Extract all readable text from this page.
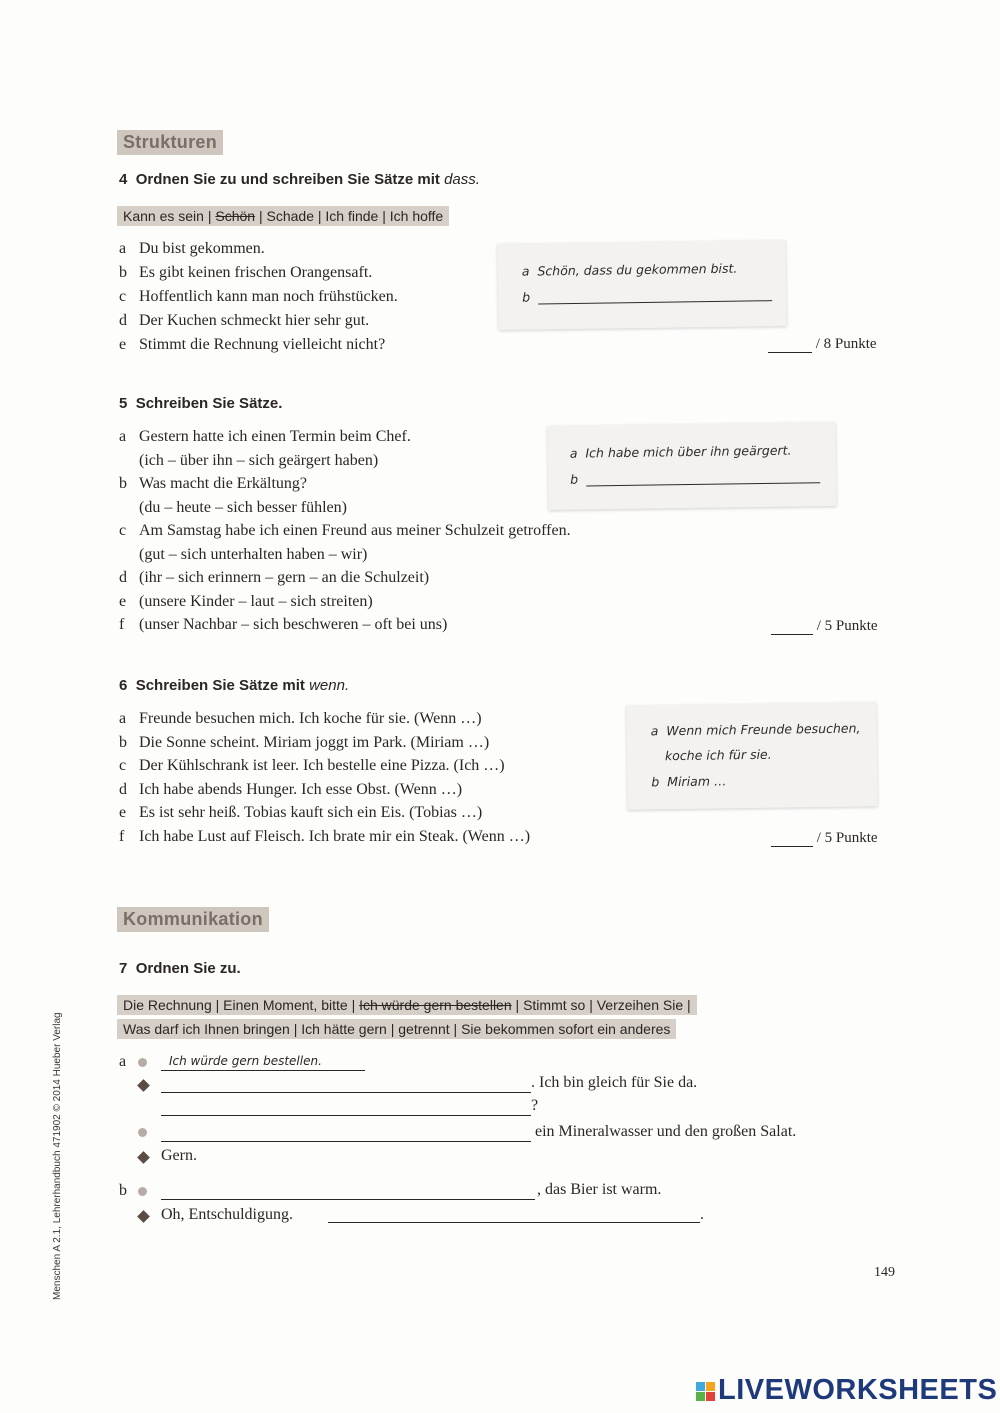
Strukturen
4 Ordnen Sie zu und schreiben Sie Sätze mit dass.
Kann es sein | Schön | Schade | Ich finde | Ich hoffe
a Du bist gekommen.
b Es gibt keinen frischen Orangensaft.
c Hoffentlich kann man noch frühstücken.
d Der Kuchen schmeckt hier sehr gut.
e Stimmt die Rechnung vielleicht nicht?
a Schön, dass du gekommen bist.
b
/ 8 Punkte
5 Schreiben Sie Sätze.
a Gestern hatte ich einen Termin beim Chef.
(ich – über ihn – sich geärgert haben)
b Was macht die Erkältung?
(du – heute – sich besser fühlen)
c Am Samstag habe ich einen Freund aus meiner Schulzeit getroffen.
(gut – sich unterhalten haben – wir)
d (ihr – sich erinnern – gern – an die Schulzeit)
e (unsere Kinder – laut – sich streiten)
f (unser Nachbar – sich beschweren – oft bei uns)
a Ich habe mich über ihn geärgert.
b
/ 5 Punkte
6 Schreiben Sie Sätze mit wenn.
a Freunde besuchen mich. Ich koche für sie. (Wenn …)
b Die Sonne scheint. Miriam joggt im Park. (Miriam …)
c Der Kühlschrank ist leer. Ich bestelle eine Pizza. (Ich …)
d Ich habe abends Hunger. Ich esse Obst. (Wenn …)
e Es ist sehr heiß. Tobias kauft sich ein Eis. (Tobias …)
f Ich habe Lust auf Fleisch. Ich brate mir ein Steak. (Wenn …)
a Wenn mich Freunde besuchen,
koche ich für sie.
b Miriam …
/ 5 Punkte
Kommunikation
7 Ordnen Sie zu.
Die Rechnung | Einen Moment, bitte | Ich würde gern bestellen | Stimmt so | Verzeihen Sie |
Was darf ich Ihnen bringen | Ich hätte gern | getrennt | Sie bekommen sofort ein anderes
a	Ich würde gern bestellen.
. Ich bin gleich für Sie da.
?
ein Mineralwasser und den großen Salat.
Gern.
b	, das Bier ist warm.
Oh, Entschuldigung.	.
149
Menschen A 2.1, Lehrerhandbuch 471902 © 2014 Hueber Verlag
LIVEWORKSHEETS
